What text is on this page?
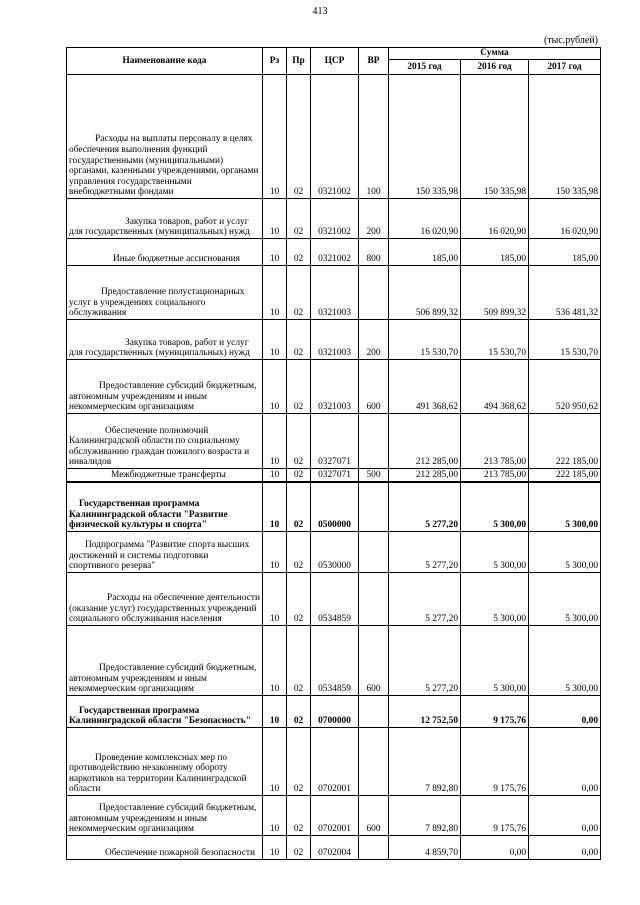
413
(тыс.рублей)
Наименование кода	Рз	Пр	ЦСР	ВР	Сумма		
					2015 год	2016 год	2017 год
Расходы на выплаты персоналу в целях обеспечения выполнения функций государственными (муниципальными) органами, казенными учреждениями, органами управления государственными внебюджетными фондами	10	02	0321002	100	150 335,98	150 335,98	150 335,98
Закупка товаров, работ и услуг для государственных (муниципальных) нужд	10	02	0321002	200	16 020,90	16 020,90	16 020,90
Иные бюджетные ассигнования	10	02	0321002	800	185,00	185,00	185,00
Предоставление полустационарных услуг в учреждениях социального обслуживания	10	02	0321003		506 899,32	509 899,32	536 481,32
Закупка товаров, работ и услуг для государственных (муниципальных) нужд	10	02	0321003	200	15 530,70	15 530,70	15 530,70
Предоставление субсидий бюджетным, автономным учреждениям и иным некоммерческим организациям	10	02	0321003	600	491 368,62	494 368,62	520 950,62
Обеспечение полномочий Калининградской области по социальному обслуживанию граждан пожилого возраста и инвалидов	10	02	0327071		212 285,00	213 785,00	222 185,00
Межбюджетные трансферты	10	02	0327071	500	212 285,00	213 785,00	222 185,00
Государственная программа Калининградской области "Развитие физической культуры и спорта"	10	02	0500000		5 277,20	5 300,00	5 300,00
Подпрограмма "Развитие спорта высших достижений и системы подготовки спортивного резерва"	10	02	0530000		5 277,20	5 300,00	5 300,00
Расходы на обеспечение деятельности (оказание услуг) государственных учреждений социального обслуживания населения	10	02	0534859		5 277,20	5 300,00	5 300,00
Предоставление субсидий бюджетным, автономным учреждениям и иным некоммерческим организациям	10	02	0534859	600	5 277,20	5 300,00	5 300,00
Государственная программа Калининградской области "Безопасность"	10	02	0700000		12 752,50	9 175,76	0,00
Проведение комплексных мер по противодействию незаконному обороту наркотиков на территории Калининградской области	10	02	0702001		7 892,80	9 175,76	0,00
Предоставление субсидий бюджетным, автономным учреждениям и иным некоммерческим организациям	10	02	0702001	600	7 892,80	9 175,76	0,00
Обеспечение пожарной безопасности	10	02	0702004		4 859,70	0,00	0,00
